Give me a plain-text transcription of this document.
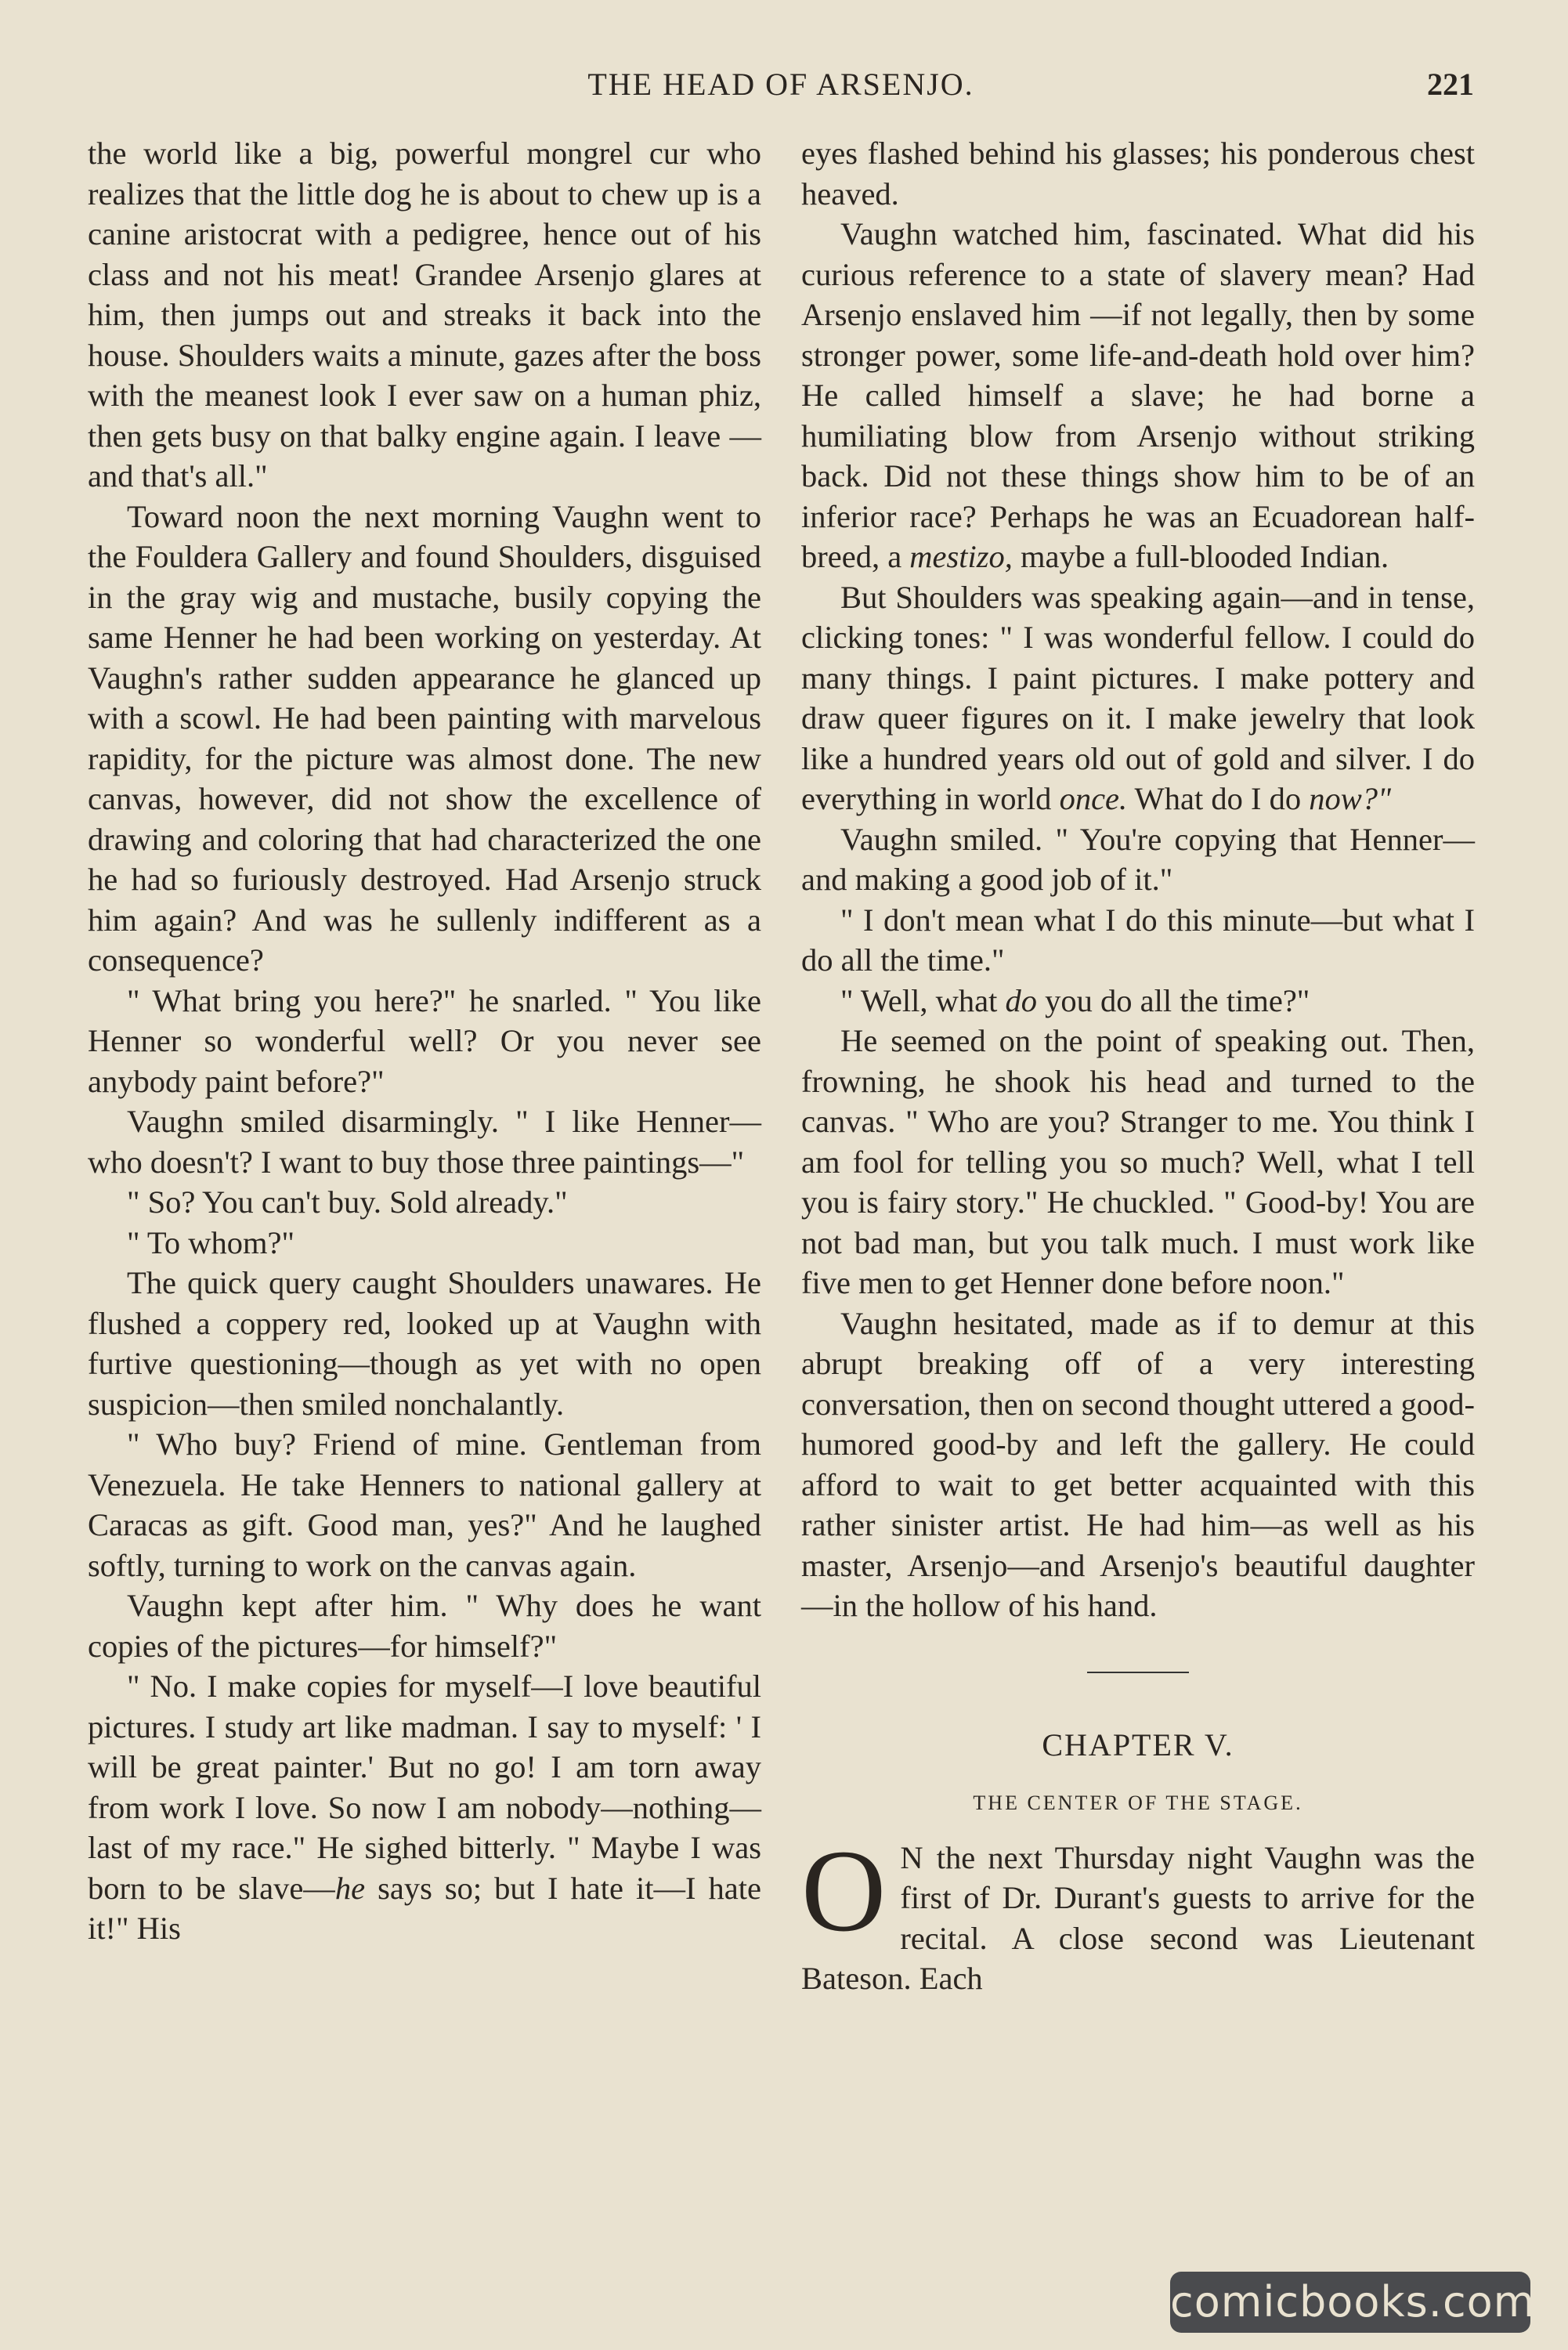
THE HEAD OF ARSENJO.	221

the world like a big, powerful mongrel cur who realizes that the little dog he is about to chew up is a canine aristocrat with a pedigree, hence out of his class and not his meat! Grandee Arsenjo glares at him, then jumps out and streaks it back into the house. Shoulders waits a minute, gazes after the boss with the meanest look I ever saw on a human phiz, then gets busy on that balky engine again. I leave — and that's all."

Toward noon the next morning Vaughn went to the Fouldera Gallery and found Shoulders, disguised in the gray wig and mustache, busily copying the same Henner he had been working on yesterday. At Vaughn's rather sudden appearance he glanced up with a scowl. He had been painting with marvelous rapidity, for the picture was almost done. The new canvas, however, did not show the excellence of drawing and coloring that had characterized the one he had so furiously destroyed. Had Arsenjo struck him again? And was he sullenly indifferent as a consequence?

" What bring you here?" he snarled. " You like Henner so wonderful well? Or you never see anybody paint before?"

Vaughn smiled disarmingly. " I like Henner—who doesn't? I want to buy those three paintings—"

" So? You can't buy. Sold already."

" To whom?"

The quick query caught Shoulders unawares. He flushed a coppery red, looked up at Vaughn with furtive questioning—though as yet with no open suspicion—then smiled nonchalantly.

" Who buy? Friend of mine. Gentleman from Venezuela. He take Henners to national gallery at Caracas as gift. Good man, yes?" And he laughed softly, turning to work on the canvas again.

Vaughn kept after him. " Why does he want copies of the pictures—for himself?"

" No. I make copies for myself—I love beautiful pictures. I study art like madman. I say to myself: ' I will be great painter.' But no go! I am torn away from work I love. So now I am nobody—nothing—last of my race." He sighed bitterly. " Maybe I was born to be slave—he says so; but I hate it—I hate it!" His

eyes flashed behind his glasses; his ponderous chest heaved.

Vaughn watched him, fascinated. What did his curious reference to a state of slavery mean? Had Arsenjo enslaved him —if not legally, then by some stronger power, some life-and-death hold over him? He called himself a slave; he had borne a humiliating blow from Arsenjo without striking back. Did not these things show him to be of an inferior race? Perhaps he was an Ecuadorean half-breed, a mestizo, maybe a full-blooded Indian.

But Shoulders was speaking again—and in tense, clicking tones: " I was wonderful fellow. I could do many things. I paint pictures. I make pottery and draw queer figures on it. I make jewelry that look like a hundred years old out of gold and silver. I do everything in world once. What do I do now?"

Vaughn smiled. " You're copying that Henner—and making a good job of it."

" I don't mean what I do this minute—but what I do all the time."

" Well, what do you do all the time?"

He seemed on the point of speaking out. Then, frowning, he shook his head and turned to the canvas. " Who are you? Stranger to me. You think I am fool for telling you so much? Well, what I tell you is fairy story." He chuckled. " Good-by! You are not bad man, but you talk much. I must work like five men to get Henner done before noon."

Vaughn hesitated, made as if to demur at this abrupt breaking off of a very interesting conversation, then on second thought uttered a good-humored good-by and left the gallery. He could afford to wait to get better acquainted with this rather sinister artist. He had him—as well as his master, Arsenjo—and Arsenjo's beautiful daughter —in the hollow of his hand.

CHAPTER V.
THE CENTER OF THE STAGE.

O N the next Thursday night Vaughn was the first of Dr. Durant's guests to arrive for the recital. A close second was Lieutenant Bateson. Each

comicbooks.com
